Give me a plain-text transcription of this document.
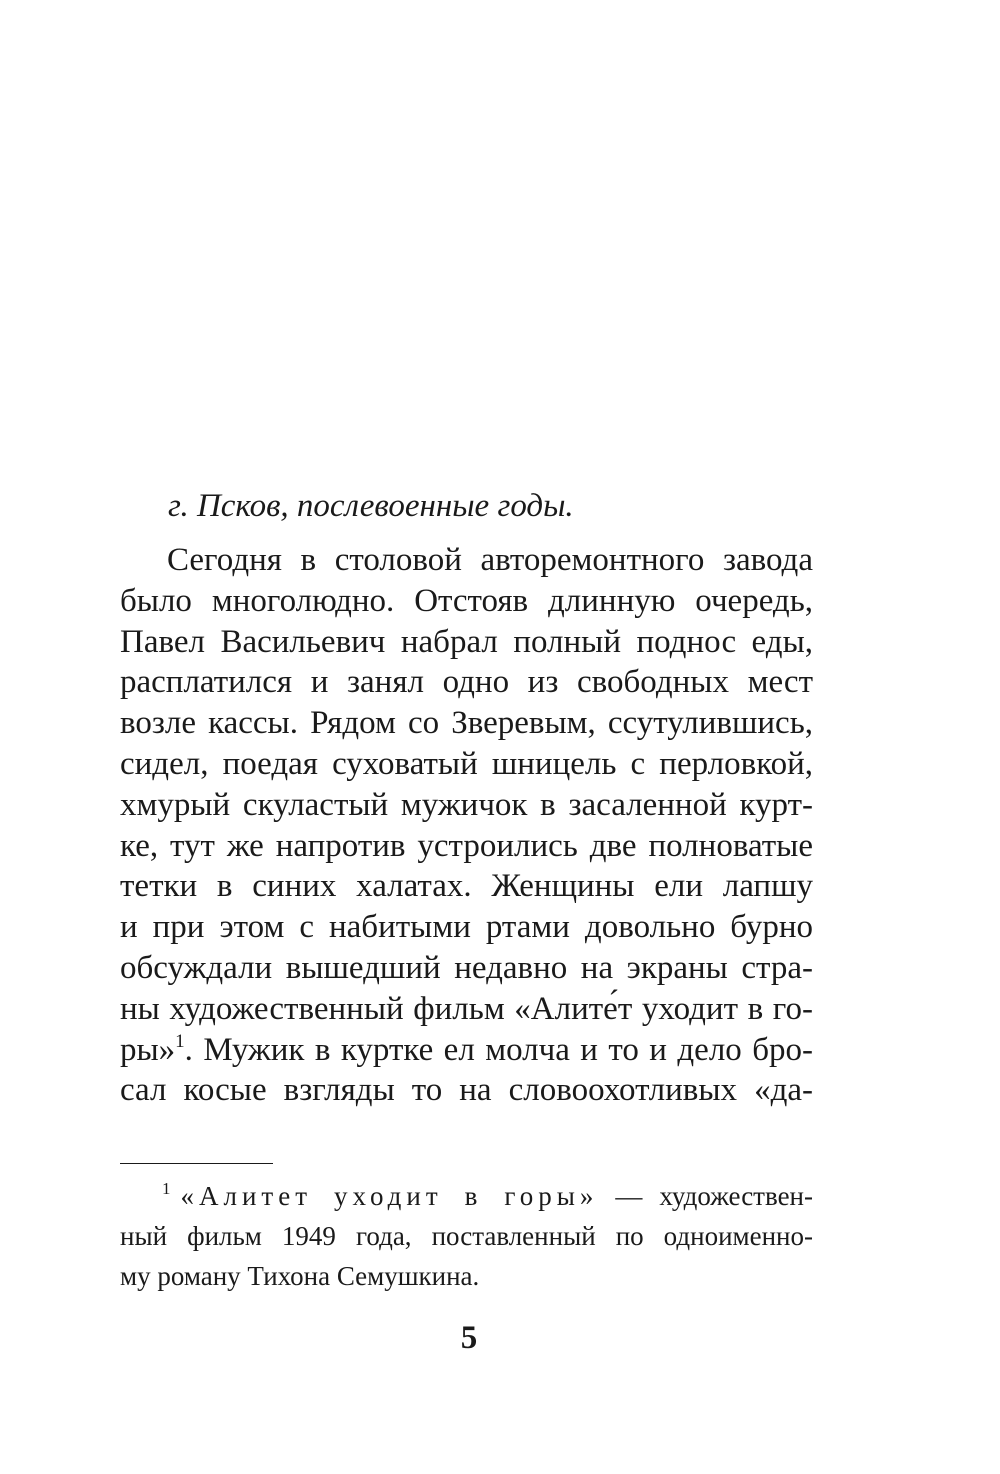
г. Псков, послевоенные годы.

Сегодня в столовой авторемонтного завода
было многолюдно. Отстояв длинную очередь,
Павел Васильевич набрал полный поднос еды,
расплатился и занял одно из свободных мест
возле кассы. Рядом со Зверевым, ссутулившись,
сидел, поедая суховатый шницель с перловкой,
хмурый скуластый мужичок в засаленной курт-
ке, тут же напротив устроились две полноватые
тетки в синих халатах. Женщины ели лапшу
и при этом с набитыми ртами довольно бурно
обсуждали вышедший недавно на экраны стра-
ны художественный фильм «Алите́т уходит в го-
ры»$^1$. Мужик в куртке ел молча и то и дело бро-
сал косые взгляды то на словоохотливых «да-
$^1$ «Алитет уходит в горы» — художествен-
ный фильм 1949 года, поставленный по одноименно-
му роману Тихона Семушкина.
5
